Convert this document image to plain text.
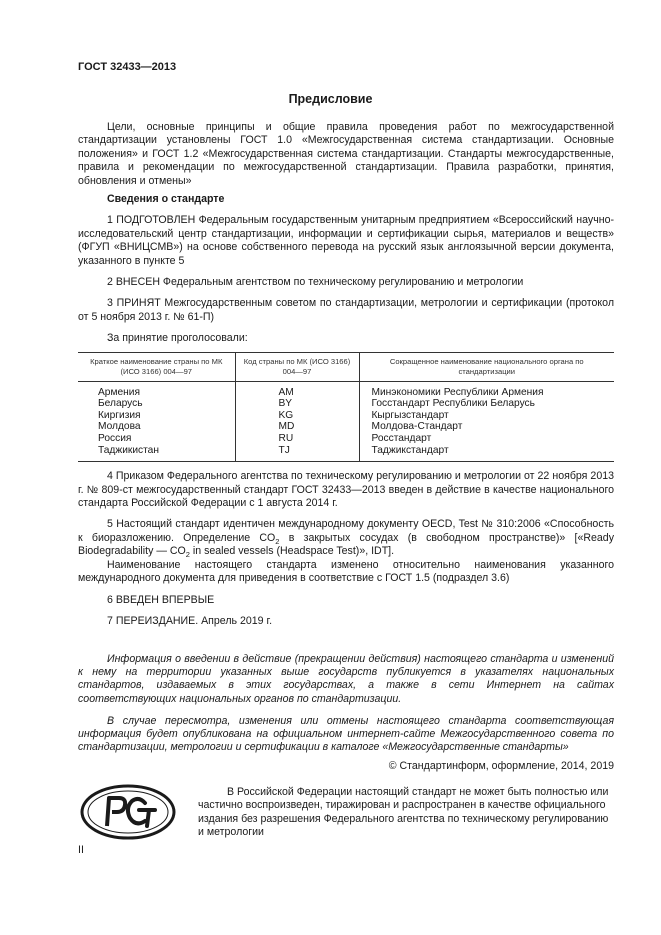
ГОСТ 32433—2013

Предисловие

Цели, основные принципы и общие правила проведения работ по межгосударственной стандартизации установлены ГОСТ 1.0 «Межгосударственная система стандартизации. Основные положения» и ГОСТ 1.2 «Межгосударственная система стандартизации. Стандарты межгосударственные, правила и рекомендации по межгосударственной стандартизации. Правила разработки, принятия, обновления и отмены»

Сведения о стандарте

1 ПОДГОТОВЛЕН Федеральным государственным унитарным предприятием «Всероссийский научно-исследовательский центр стандартизации, информации и сертификации сырья, материалов и веществ» (ФГУП «ВНИЦСМВ») на основе собственного перевода на русский язык англоязычной версии документа, указанного в пункте 5

2 ВНЕСЕН Федеральным агентством по техническому регулированию и метрологии

3 ПРИНЯТ Межгосударственным советом по стандартизации, метрологии и сертификации (протокол от 5 ноября 2013 г. № 61-П)

За принятие проголосовали:

Краткое наименование страны по МК (ИСО 3166) 004—97	Код страны по МК (ИСО 3166) 004—97	Сокращенное наименование национального органа по стандартизации
Армения	AM	Минэкономики Республики Армения
Беларусь	BY	Госстандарт Республики Беларусь
Киргизия	KG	Кыргызстандарт
Молдова	MD	Молдова-Стандарт
Россия	RU	Росстандарт
Таджикистан	TJ	Таджикстандарт

4 Приказом Федерального агентства по техническому регулированию и метрологии от 22 ноября 2013 г. № 809-ст межгосударственный стандарт ГОСТ 32433—2013 введен в действие в качестве национального стандарта Российской Федерации с 1 августа 2014 г.

5 Настоящий стандарт идентичен международному документу OECD, Test № 310:2006 «Способность к биоразложению. Определение $CO_2$ в закрытых сосудах (в свободном пространстве)» [«Ready Biodegradability — $CO_2$ in sealed vessels (Headspace Test)», IDT].

Наименование настоящего стандарта изменено относительно наименования указанного международного документа для приведения в соответствие с ГОСТ 1.5 (подраздел 3.6)

6 ВВЕДЕН ВПЕРВЫЕ

7 ПЕРЕИЗДАНИЕ. Апрель 2019 г.

Информация о введении в действие (прекращении действия) настоящего стандарта и изменений к нему на территории указанных выше государств публикуется в указателях национальных стандартов, издаваемых в этих государствах, а также в сети Интернет на сайтах соответствующих национальных органов по стандартизации.

В случае пересмотра, изменения или отмены настоящего стандарта соответствующая информация будет опубликована на официальном интернет-сайте Межгосударственного совета по стандартизации, метрологии и сертификации в каталоге «Межгосударственные стандарты»

© Стандартинформ, оформление, 2014, 2019

В Российской Федерации настоящий стандарт не может быть полностью или частично воспроизведен, тиражирован и распространен в качестве официального издания без разрешения Федерального агентства по техническому регулированию и метрологии

II
